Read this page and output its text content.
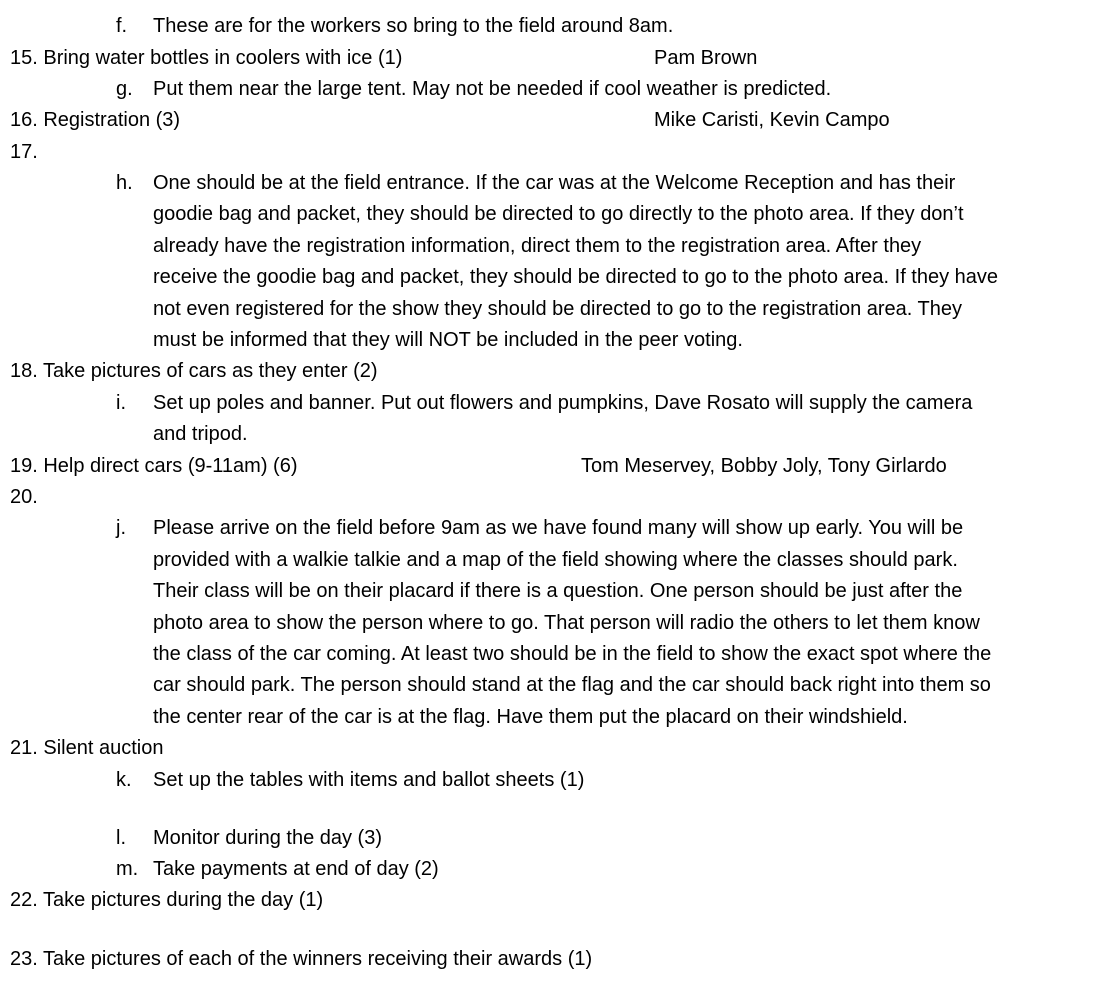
f. These are for the workers so bring to the field around 8am.
15. Bring water bottles in coolers with ice (1)	Pam Brown
g. Put them near the large tent. May not be needed if cool weather is predicted.
16. Registration (3)	Mike Caristi, Kevin Campo
17.
h. One should be at the field entrance. If the car was at the Welcome Reception and has their
goodie bag and packet, they should be directed to go directly to the photo area. If they don’t
already have the registration information, direct them to the registration area. After they
receive the goodie bag and packet, they should be directed to go to the photo area. If they have
not even registered for the show they should be directed to go to the registration area. They
must be informed that they will NOT be included in the peer voting.
18. Take pictures of cars as they enter (2)
i. Set up poles and banner. Put out flowers and pumpkins, Dave Rosato will supply the camera
and tripod.
19. Help direct cars (9-11am) (6)	Tom Meservey, Bobby Joly, Tony Girlardo
20.
j. Please arrive on the field before 9am as we have found many will show up early. You will be
provided with a walkie talkie and a map of the field showing where the classes should park.
Their class will be on their placard if there is a question. One person should be just after the
photo area to show the person where to go. That person will radio the others to let them know
the class of the car coming. At least two should be in the field to show the exact spot where the
car should park. The person should stand at the flag and the car should back right into them so
the center rear of the car is at the flag. Have them put the placard on their windshield.
21. Silent auction
k. Set up the tables with items and ballot sheets (1)
l. Monitor during the day (3)
m. Take payments at end of day (2)
22. Take pictures during the day (1)
23. Take pictures of each of the winners receiving their awards (1)
